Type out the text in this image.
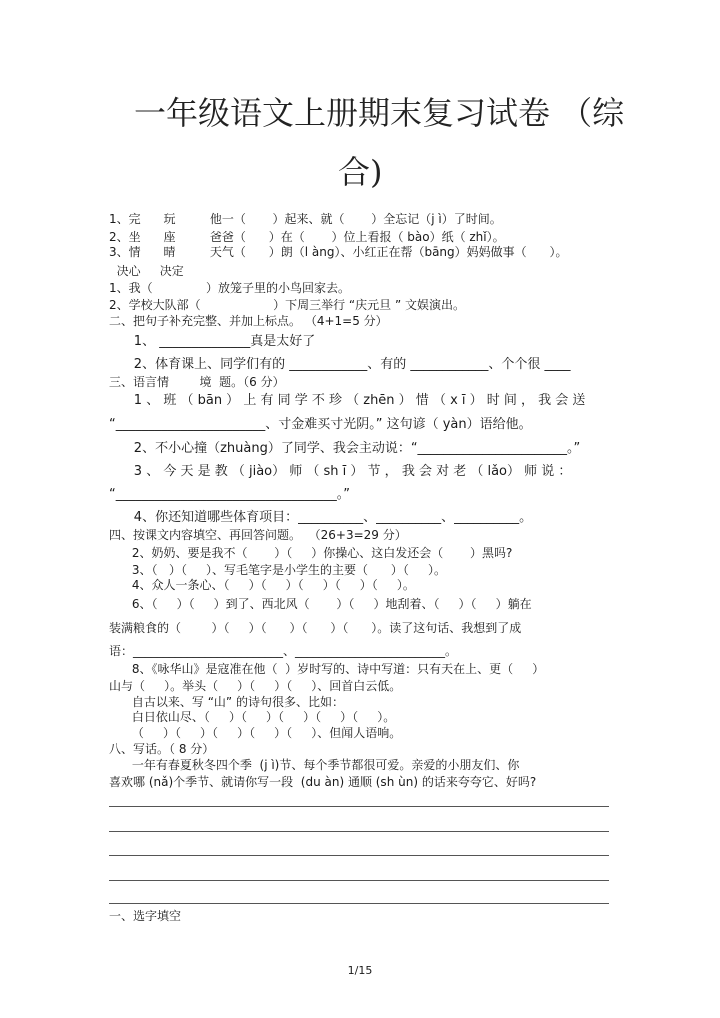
一年级语文上册期末复习试卷 （综
合)
1、完      玩         他一（       ）起来、就（       ）全忘记（j ì）了时间。
2、坐      座         爸爸（      ）在（       ）位上看报（ bào）纸（ zhǐ）。
3、情      晴         天气（      ）朗（l àng）、小红正在帮（bāng）妈妈做事（      ）。
决心     决定
1、我（              ）放笼子里的小鸟回家去。
2、学校大队部（                   ）下周三举行 “庆元旦 ” 文娱演出。
二、把句子补充完整、并加上标点。 （4+1=5 分）
1、 ______________真是太好了
2、体育课上、同学们有的 ____________、有的 ____________、个个很 ____
三、语言情        境  题。（6 分）
1 、 班 （ bān ） 上 有 同 学 不 珍 （ zhēn ） 惜 （ x ī ） 时 间 ， 我 会 送
“_______________________、寸金难买寸光阴。” 这句谚（ yàn）语给他。
2、不小心撞（zhuàng）了同学、我会主动说：“_______________________。”
3 、 今 天 是 教 （ jiào） 师 （ sh ī ） 节 ， 我 会 对 老 （ lǎo） 师 说 ：
“__________________________________。”
4、你还知道哪些体育项目：__________、__________、__________。
四、按课文内容填空、再回答问题。  （26+3=29 分）
2、奶奶、要是我不（       ）（     ）你操心、这白发还会（       ）黑吗?
3、（   ）（     ）、写毛笔字是小学生的主要（      ）（     ）。
4、众人一条心、（     ）（     ）（     ）（     ）（     ）。
6、（     ）（     ）到了、西北风（       ）（     ）地刮着、（     ）（     ）躺在
装满粮食的（        ）（     ）（      ）（      ）（      ）。读了这句话、我想到了成
语：_________________________、_________________________。
8、《咏华山》是寇准在他（  ）岁时写的、诗中写道：只有天在上、更（     ）
山与（     ）。举头（     ）（     ）（     ）、回首白云低。
自古以来、写 “山” 的诗句很多、比如：
白日依山尽、（     ）（     ）（     ）（     ）（     ）。
（     ）（     ）（     ）（     ）（     ）、但闻人语响。
八、写话。（ 8 分）
一年有春夏秋冬四个季  (j ì)节、每个季节都很可爱。亲爱的小朋友们、你
喜欢哪 (nǎ)个季节、就请你写一段  (du àn) 通顺 (sh ùn) 的话来夸夸它、好吗?
一、选字填空
1/15
